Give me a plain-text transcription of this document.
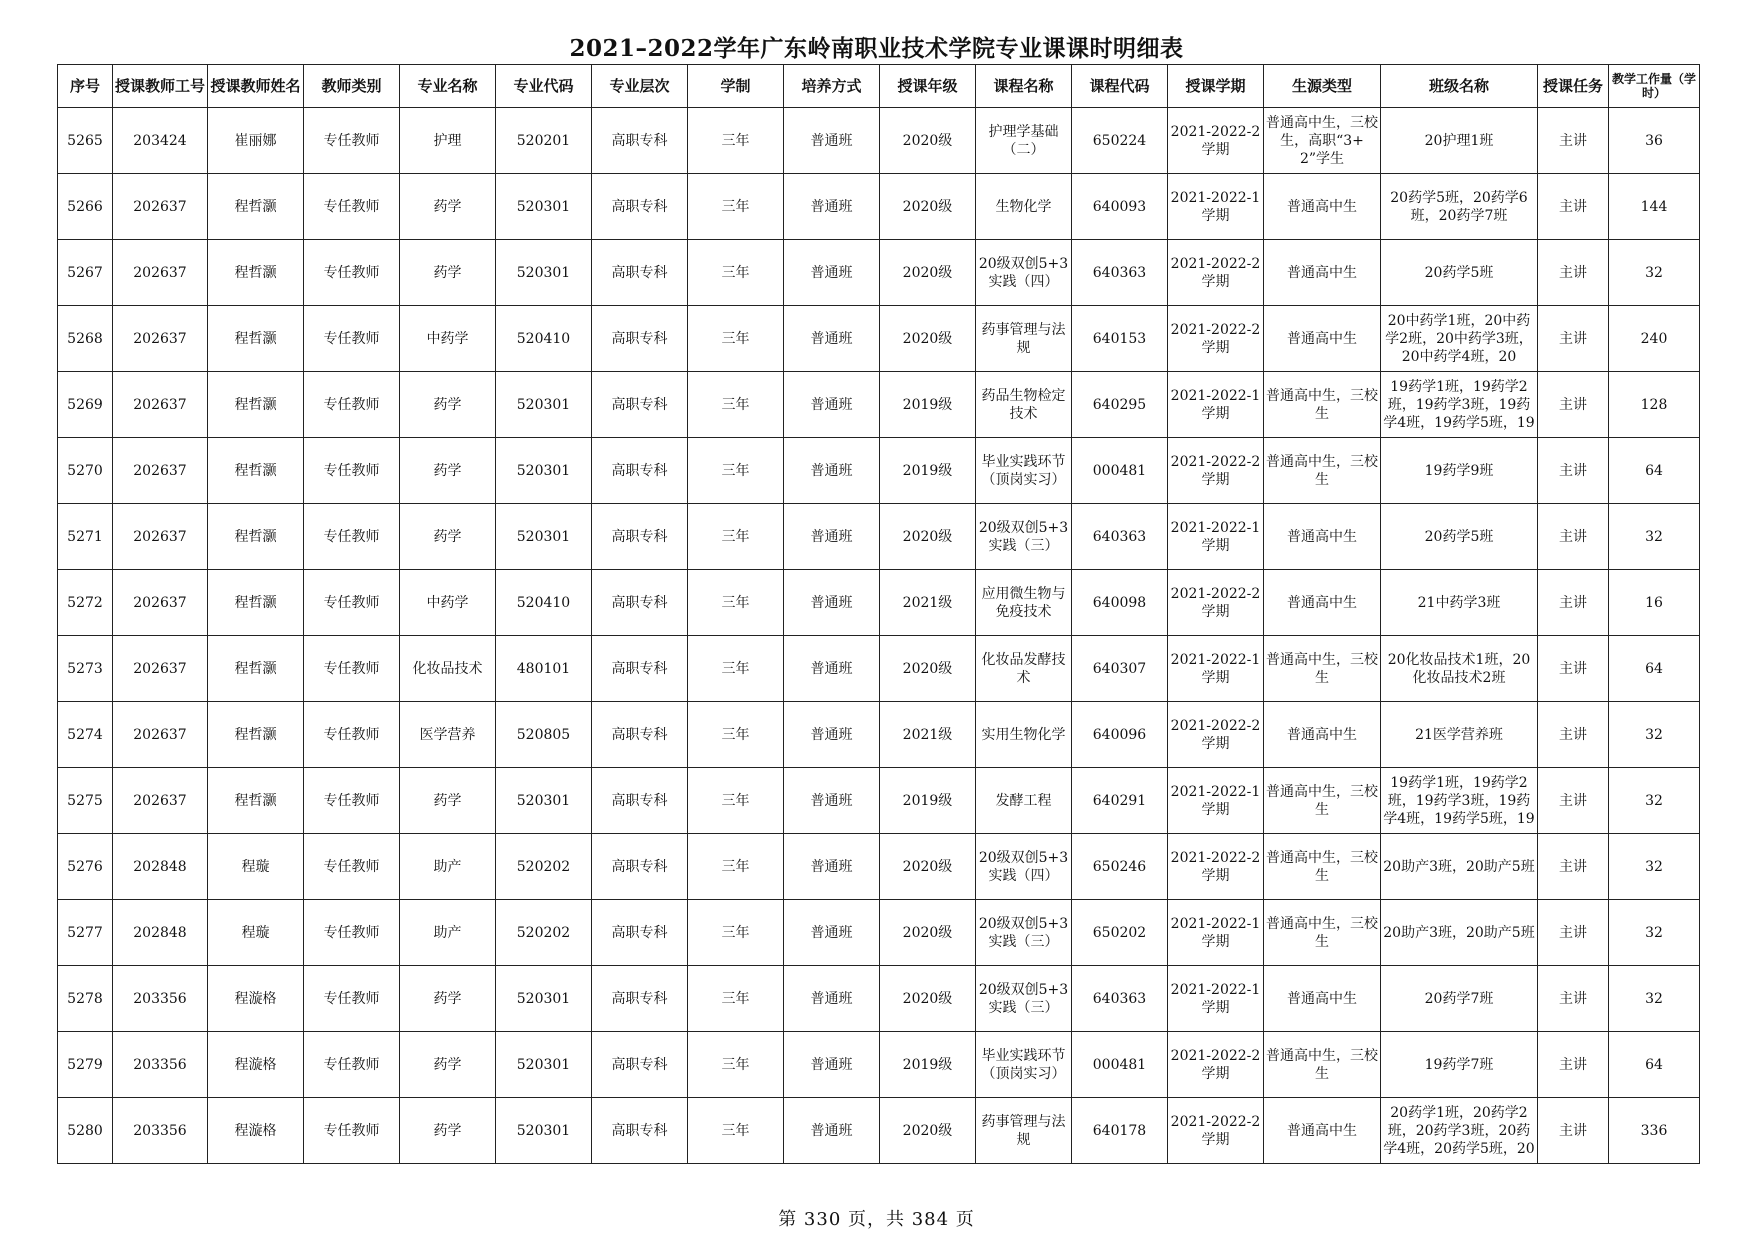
2021–2022学年广东岭南职业技术学院专业课课时明细表
序号	授课教师工号	授课教师姓名	教师类别	专业名称	专业代码	专业层次	学制	培养方式	授课年级	课程名称	课程代码	授课学期	生源类型	班级名称	授课任务	教学工作量（学时）

5265	203424	崔丽娜	专任教师	护理	520201	高职专科	三年	普通班	2020级	护理学基础（二）	650224	2021-2022-2学期	普通高中生，三校生，高职“3+2”学生	20护理1班	主讲	36

5266	202637	程哲灏	专任教师	药学	520301	高职专科	三年	普通班	2020级	生物化学	640093	2021-2022-1学期	普通高中生	20药学5班，20药学6班，20药学7班	主讲	144

5267	202637	程哲灏	专任教师	药学	520301	高职专科	三年	普通班	2020级	20级双创5+3实践（四）	640363	2021-2022-2学期	普通高中生	20药学5班	主讲	32

5268	202637	程哲灏	专任教师	中药学	520410	高职专科	三年	普通班	2020级	药事管理与法规	640153	2021-2022-2学期	普通高中生	20中药学1班，20中药学2班，20中药学3班，20中药学4班，20	主讲	240

5269	202637	程哲灏	专任教师	药学	520301	高职专科	三年	普通班	2019级	药品生物检定技术	640295	2021-2022-1学期	普通高中生，三校生	19药学1班，19药学2班，19药学3班，19药学4班，19药学5班，19	主讲	128

5270	202637	程哲灏	专任教师	药学	520301	高职专科	三年	普通班	2019级	毕业实践环节（顶岗实习）	000481	2021-2022-2学期	普通高中生，三校生	19药学9班	主讲	64

5271	202637	程哲灏	专任教师	药学	520301	高职专科	三年	普通班	2020级	20级双创5+3实践（三）	640363	2021-2022-1学期	普通高中生	20药学5班	主讲	32

5272	202637	程哲灏	专任教师	中药学	520410	高职专科	三年	普通班	2021级	应用微生物与免疫技术	640098	2021-2022-2学期	普通高中生	21中药学3班	主讲	16

5273	202637	程哲灏	专任教师	化妆品技术	480101	高职专科	三年	普通班	2020级	化妆品发酵技术	640307	2021-2022-1学期	普通高中生，三校生	20化妆品技术1班，20化妆品技术2班	主讲	64

5274	202637	程哲灏	专任教师	医学营养	520805	高职专科	三年	普通班	2021级	实用生物化学	640096	2021-2022-2学期	普通高中生	21医学营养班	主讲	32

5275	202637	程哲灏	专任教师	药学	520301	高职专科	三年	普通班	2019级	发酵工程	640291	2021-2022-1学期	普通高中生，三校生	19药学1班，19药学2班，19药学3班，19药学4班，19药学5班，19	主讲	32

5276	202848	程璇	专任教师	助产	520202	高职专科	三年	普通班	2020级	20级双创5+3实践（四）	650246	2021-2022-2学期	普通高中生，三校生	20助产3班，20助产5班	主讲	32

5277	202848	程璇	专任教师	助产	520202	高职专科	三年	普通班	2020级	20级双创5+3实践（三）	650202	2021-2022-1学期	普通高中生，三校生	20助产3班，20助产5班	主讲	32

5278	203356	程漩格	专任教师	药学	520301	高职专科	三年	普通班	2020级	20级双创5+3实践（三）	640363	2021-2022-1学期	普通高中生	20药学7班	主讲	32

5279	203356	程漩格	专任教师	药学	520301	高职专科	三年	普通班	2019级	毕业实践环节（顶岗实习）	000481	2021-2022-2学期	普通高中生，三校生	19药学7班	主讲	64

5280	203356	程漩格	专任教师	药学	520301	高职专科	三年	普通班	2020级	药事管理与法规	640178	2021-2022-2学期	普通高中生	20药学1班，20药学2班，20药学3班，20药学4班，20药学5班，20	主讲	336
第 330 页，共 384 页
